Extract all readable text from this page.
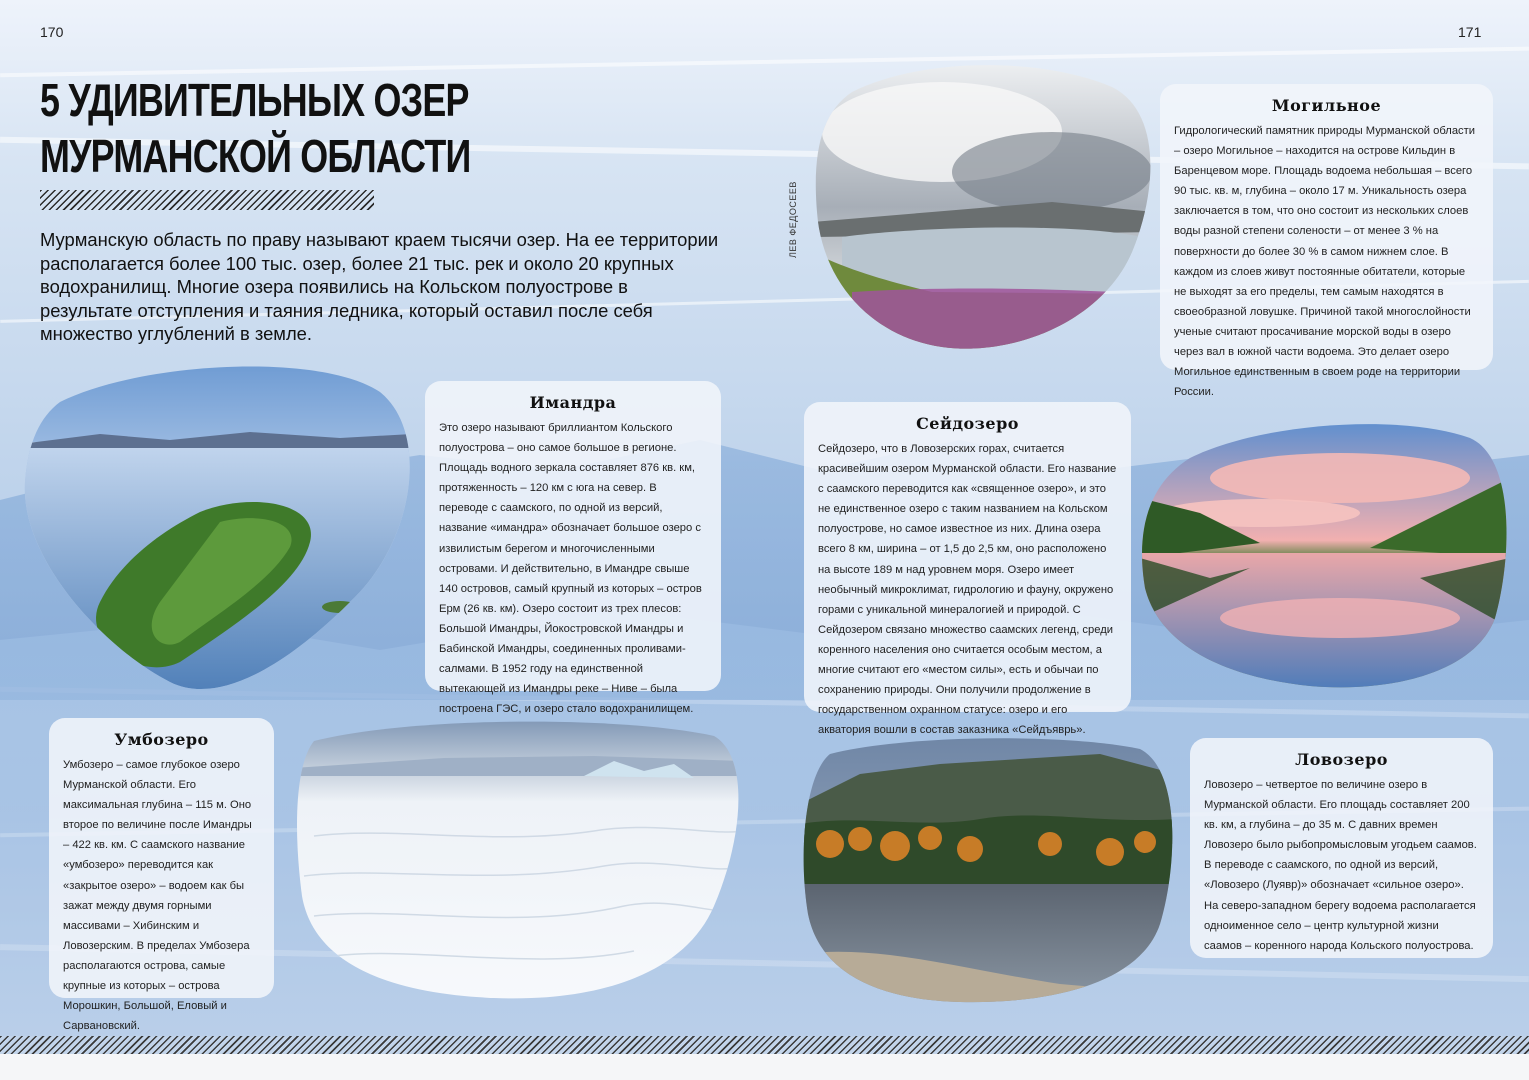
170	171
5 УДИВИТЕЛЬНЫХ ОЗЕР
МУРМАНСКОЙ ОБЛАСТИ
Мурманскую область по праву называют краем тысячи озер. На ее территории располагается более 100 тыс. озер, более 21 тыс. рек и около 20 крупных водохранилищ. Многие озера появились на Кольском полуострове в результате отступления и таяния ледника, который оставил после себя множество углублений в земле.
Имандра

Это озеро называют бриллиантом Кольского полуострова – оно самое большое в регионе. Площадь водного зеркала составляет 876 кв. км, протяженность – 120 км с юга на север. В переводе с саамского, по одной из версий, название «имандра» обозначает большое озеро с извилистым берегом и многочисленными островами. И действительно, в Имандре свыше 140 островов, самый крупный из которых – остров Ерм (26 кв. км). Озеро состоит из трех плесов: Большой Имандры, Йокостровской Имандры и Бабинской Имандры, соединенных проливами-салмами. В 1952 году на единственной вытекающей из Имандры реке – Ниве – была построена ГЭС, и озеро стало водохранилищем.

ЛЕВ ФЕДОСЕЕВ
Могильное

Гидрологический памятник природы Мурманской области – озеро Могильное – находится на острове Кильдин в Баренцевом море. Площадь водоема небольшая – всего 90 тыс. кв. м, глубина – около 17 м. Уникальность озера заключается в том, что оно состоит из нескольких слоев воды разной степени солености – от менее 3 % на поверхности до более 30 % в самом нижнем слое. В каждом из слоев живут постоянные обитатели, которые не выходят за его пределы, тем самым находятся в своеобразной ловушке. Причиной такой многослойности ученые считают просачивание морской воды в озеро через вал в южной части водоема. Это делает озеро Могильное единственным в своем роде на территории России.

Сейдозеро

Сейдозеро, что в Ловозерских горах, считается красивейшим озером Мурманской области. Его название с саамского переводится как «священное озеро», и это не единственное озеро с таким названием на Кольском полуострове, но самое известное из них. Длина озера всего 8 км, ширина – от 1,5 до 2,5 км, оно расположено на высоте 189 м над уровнем моря. Озеро имеет необычный микроклимат, гидрологию и фауну, окружено горами с уникальной минералогией и природой. С Сейдозером связано множество саамских легенд, среди коренного населения оно считается особым местом, а многие считают его «местом силы», есть и обычаи по сохранению природы. Они получили продолжение в государственном охранном статусе: озеро и его акватория вошли в состав заказника «Сейдъяврь».

Умбозеро

Умбозеро – самое глубокое озеро Мурманской области. Его максимальная глубина – 115 м. Оно второе по величине после Имандры – 422 кв. км. С саамского название «умбозеро» переводится как «закрытое озеро» – водоем как бы зажат между двумя горными массивами – Хибинским и Ловозерским. В пределах Умбозера располагаются острова, самые крупные из которых – острова Морошкин, Большой, Еловый и Сарвановский.

Ловозеро

Ловозеро – четвертое по величине озеро в Мурманской области. Его площадь составляет 200 кв. км, а глубина – до 35 м. С давних времен Ловозеро было рыбопромысловым угодьем саамов. В переводе с саамского, по одной из версий, «Ловозеро (Луявр)» обозначает «сильное озеро». На северо-западном берегу водоема располагается одноименное село – центр культурной жизни саамов – коренного народа Кольского полуострова.
